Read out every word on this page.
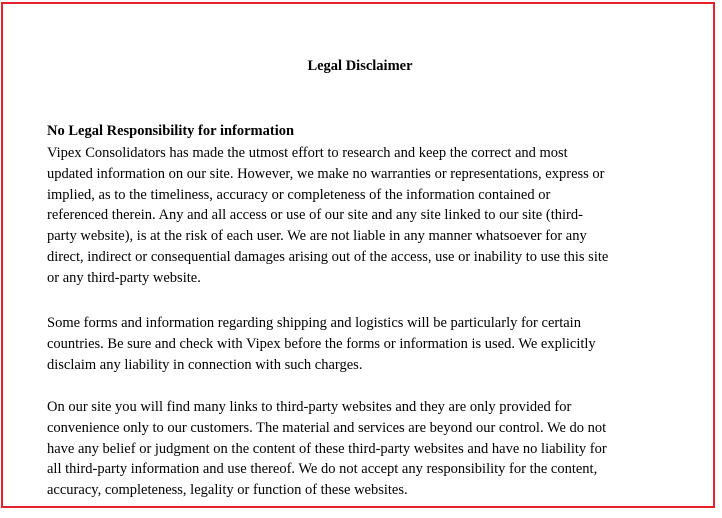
Legal Disclaimer
No Legal Responsibility for information

Vipex Consolidators has made the utmost effort to research and keep the correct and most
updated information on our site. However, we make no warranties or representations, express or
implied, as to the timeliness, accuracy or completeness of the information contained or
referenced therein. Any and all access or use of our site and any site linked to our site (third-
party website), is at the risk of each user. We are not liable in any manner whatsoever for any
direct, indirect or consequential damages arising out of the access, use or inability to use this site
or any third-party website.

Some forms and information regarding shipping and logistics will be particularly for certain
countries. Be sure and check with Vipex before the forms or information is used. We explicitly
disclaim any liability in connection with such charges.

On our site you will find many links to third-party websites and they are only provided for
convenience only to our customers. The material and services are beyond our control. We do not
have any belief or judgment on the content of these third-party websites and have no liability for
all third-party information and use thereof. We do not accept any responsibility for the content,
accuracy, completeness, legality or function of these websites.
